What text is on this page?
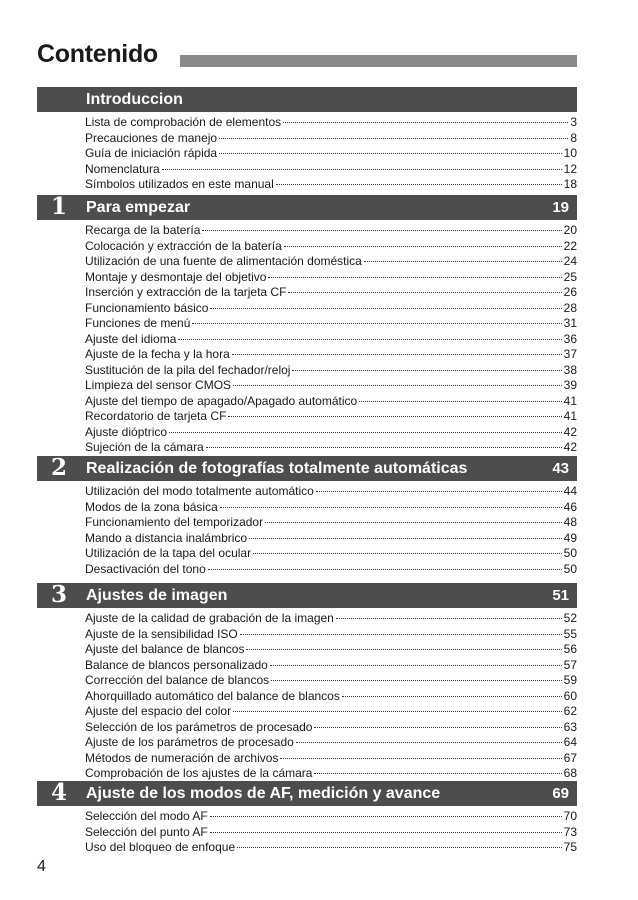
Contenido
Introduccion
Lista de comprobación de elementos	3
Precauciones de manejo	8
Guía de iniciación rápida	10
Nomenclatura	12
Símbolos utilizados en este manual	18
1 Para empezar	19
Recarga de la batería	20
Colocación y extracción de la batería	22
Utilización de una fuente de alimentación doméstica	24
Montaje y desmontaje del objetivo	25
Inserción y extracción de la tarjeta CF	26
Funcionamiento básico	28
Funciones de menú	31
Ajuste del idioma	36
Ajuste de la fecha y la hora	37
Sustitución de la pila del fechador/reloj	38
Limpieza del sensor CMOS	39
Ajuste del tiempo de apagado/Apagado automático	41
Recordatorio de tarjeta CF	41
Ajuste dióptrico	42
Sujeción de la cámara	42
2 Realización de fotografías totalmente automáticas	43
Utilización del modo totalmente automático	44
Modos de la zona básica	46
Funcionamiento del temporizador	48
Mando a distancia inalámbrico	49
Utilización de la tapa del ocular	50
Desactivación del tono	50
3 Ajustes de imagen	51
Ajuste de la calidad de grabación de la imagen	52
Ajuste de la sensibilidad ISO	55
Ajuste del balance de blancos	56
Balance de blancos personalizado	57
Corrección del balance de blancos	59
Ahorquillado automático del balance de blancos	60
Ajuste del espacio del color	62
Selección de los parámetros de procesado	63
Ajuste de los parámetros de procesado	64
Métodos de numeración de archivos	67
Comprobación de los ajustes de la cámara	68
4 Ajuste de los modos de AF, medición y avance	69
Selección del modo AF	70
Selección del punto AF	73
Uso del bloqueo de enfoque	75
4
